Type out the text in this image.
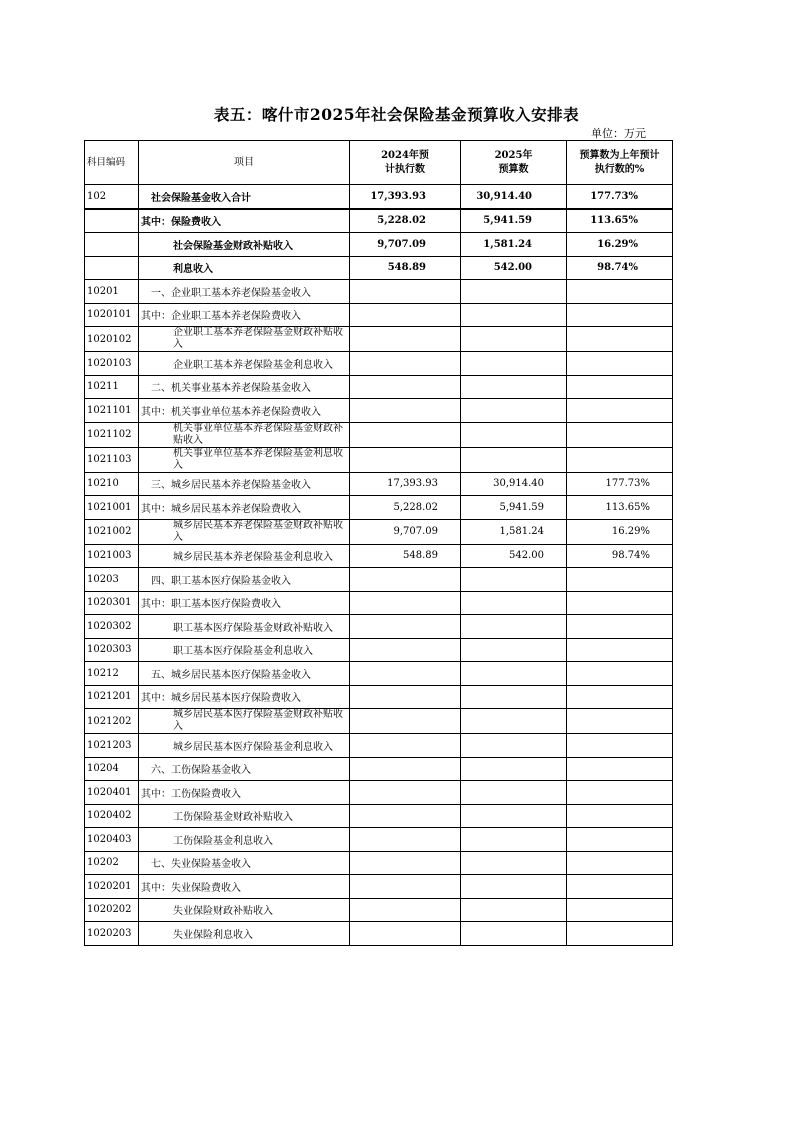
表五：喀什市2025年社会保险基金预算收入安排表
单位：万元
科目编码	项目	2024年预计执行数	2025年预算数	预算数为上年预计执行数的%
102	社会保险基金收入合计	17,393.93	30,914.40	177.73%
	其中：保险费收入	5,228.02	5,941.59	113.65%
	社会保险基金财政补贴收入	9,707.09	1,581.24	16.29%
	利息收入	548.89	542.00	98.74%
10201	一、企业职工基本养老保险基金收入			
1020101	其中：企业职工基本养老保险费收入			
1020102	企业职工基本养老保险基金财政补贴收入			
1020103	企业职工基本养老保险基金利息收入			
10211	二、机关事业基本养老保险基金收入			
1021101	其中：机关事业单位基本养老保险费收入			
1021102	机关事业单位基本养老保险基金财政补贴收入			
1021103	机关事业单位基本养老保险基金利息收入			
10210	三、城乡居民基本养老保险基金收入	17,393.93	30,914.40	177.73%
1021001	其中：城乡居民基本养老保险费收入	5,228.02	5,941.59	113.65%
1021002	城乡居民基本养老保险基金财政补贴收入	9,707.09	1,581.24	16.29%
1021003	城乡居民基本养老保险基金利息收入	548.89	542.00	98.74%
10203	四、职工基本医疗保险基金收入			
1020301	其中：职工基本医疗保险费收入			
1020302	职工基本医疗保险基金财政补贴收入			
1020303	职工基本医疗保险基金利息收入			
10212	五、城乡居民基本医疗保险基金收入			
1021201	其中：城乡居民基本医疗保险费收入			
1021202	城乡居民基本医疗保险基金财政补贴收入			
1021203	城乡居民基本医疗保险基金利息收入			
10204	六、工伤保险基金收入			
1020401	其中：工伤保险费收入			
1020402	工伤保险基金财政补贴收入			
1020403	工伤保险基金利息收入			
10202	七、失业保险基金收入			
1020201	其中：失业保险费收入			
1020202	失业保险财政补贴收入			
1020203	失业保险利息收入			
